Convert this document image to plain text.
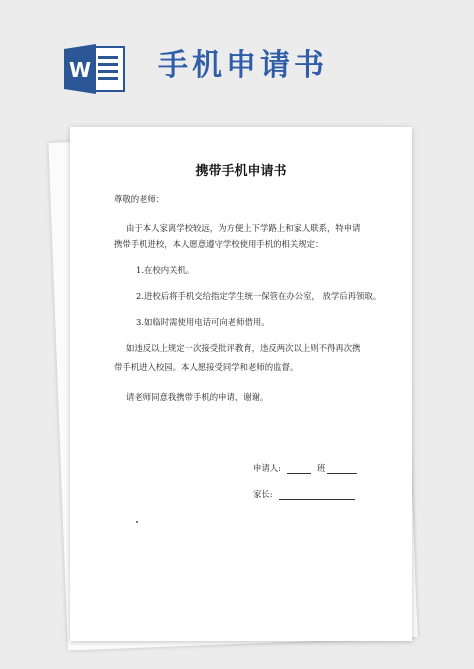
W 手机申请书
携带手机申请书
尊敬的老师：
由于本人家离学校较远，为方便上下学路上和家人联系，特申请
携带手机进校，本人愿意遵守学校使用手机的相关规定：
1.在校内关机。
2.进校后将手机交给指定学生统一保管在办公室， 放学后再领取。
3.如临时需使用电话可向老师借用。
如违反以上规定一次接受批评教育，违反两次以上则不得再次携
带手机进入校园。本人愿接受同学和老师的监督。
请老师同意我携带手机的申请，谢谢。
申请人:	班
家长:
